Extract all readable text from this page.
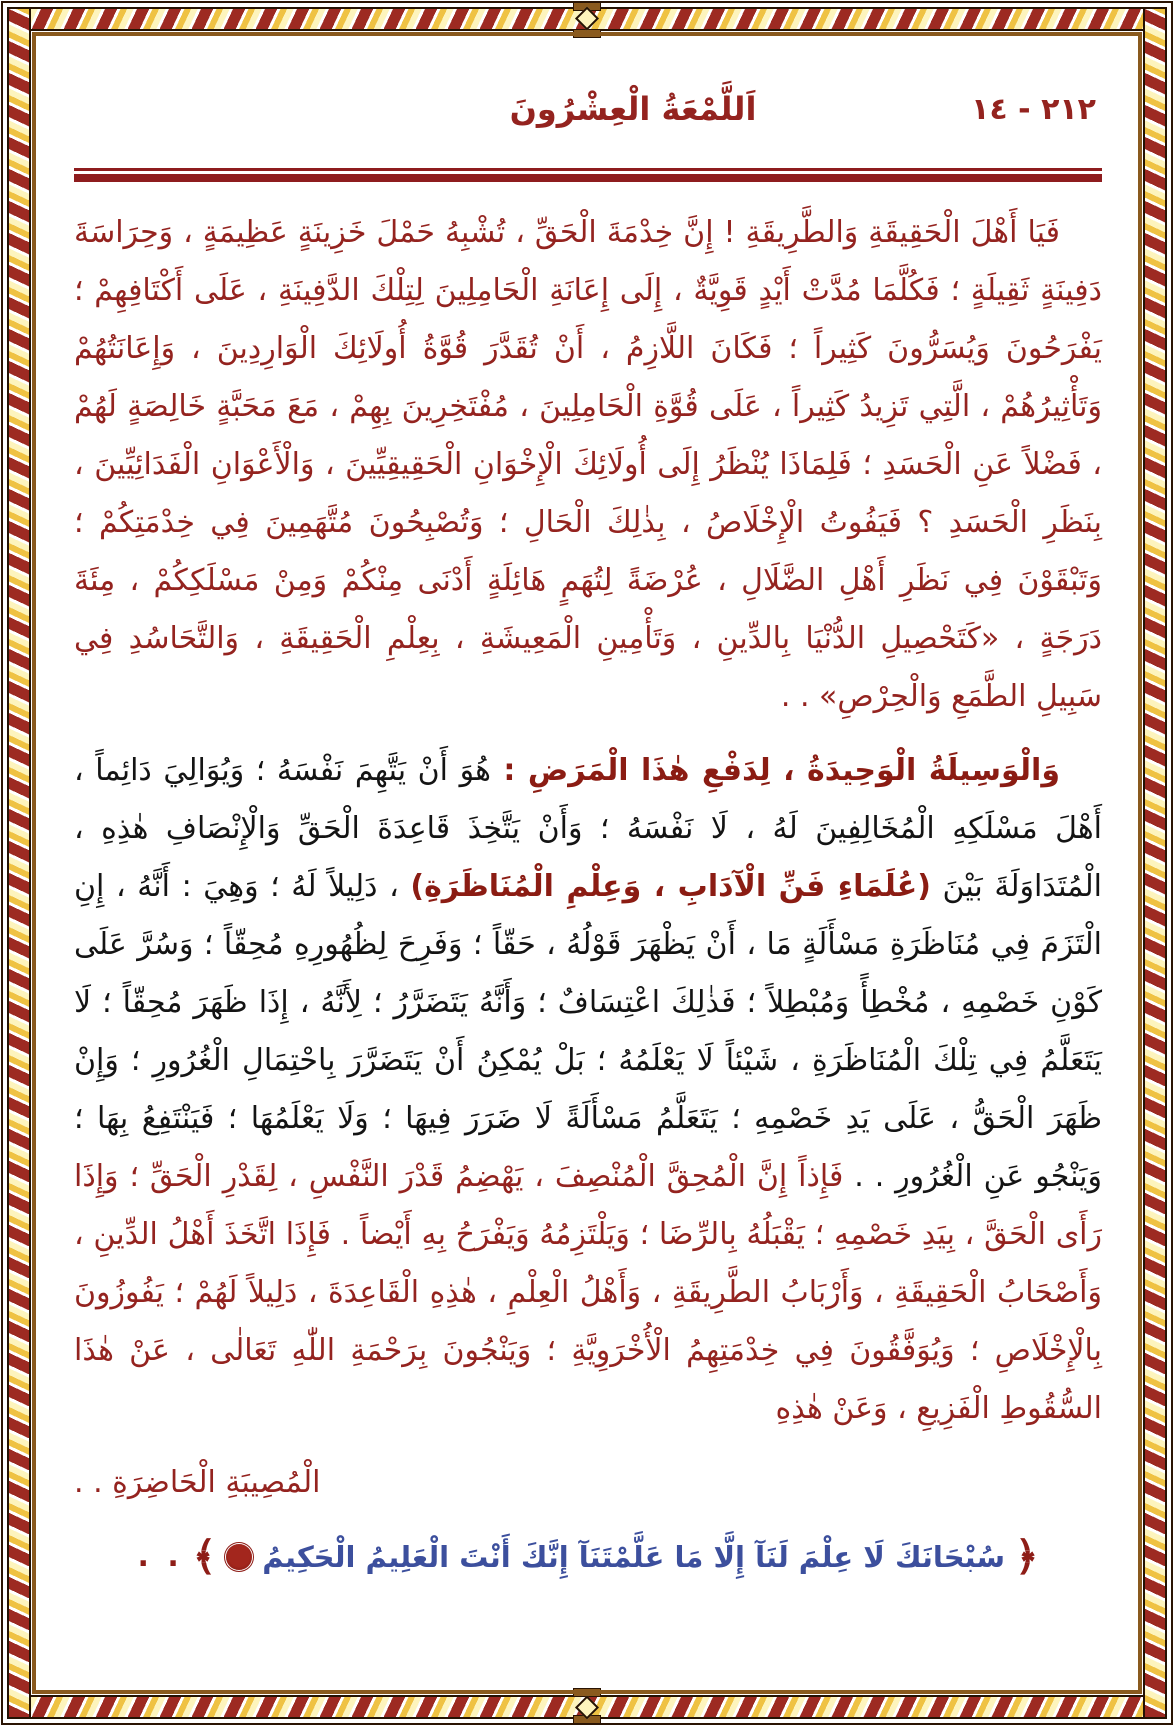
اَللَّمْعَةُ الْعِشْرُونَ	٢١٢ - ١٤

فَيَا أَهْلَ الْحَقِيقَةِ وَالطَّرِيقَةِ ! إِنَّ خِدْمَةَ الْحَقِّ ، تُشْبِهُ حَمْلَ خَزِينَةٍ عَظِيمَةٍ ، وَحِرَاسَةَ دَفِينَةٍ ثَقِيلَةٍ ؛ فَكُلَّمَا مُدَّتْ أَيْدٍ قَوِيَّةٌ ، إِلَى إِعَانَةِ الْحَامِلِينَ لِتِلْكَ الدَّفِينَةِ ، عَلَى أَكْتَافِهِمْ ؛ يَفْرَحُونَ وَيُسَرُّونَ كَثِيراً ؛ فَكَانَ اللَّازِمُ ، أَنْ تُقَدَّرَ قُوَّةُ أُولَائِكَ الْوَارِدِينَ ، وَإِعَانَتُهُمْ وَتَأْثِيرُهُمْ ، الَّتِي تَزِيدُ كَثِيراً ، عَلَى قُوَّةِ الْحَامِلِينَ ، مُفْتَخِرِينَ بِهِمْ ، مَعَ مَحَبَّةٍ خَالِصَةٍ لَهُمْ ، فَضْلاً عَنِ الْحَسَدِ ؛ فَلِمَاذَا يُنْظَرُ إِلَى أُولَائِكَ الْإِخْوَانِ الْحَقِيقِيِّينَ ، وَالْأَعْوَانِ الْفَدَائِيِّينَ ، بِنَظَرِ الْحَسَدِ ؟ فَيَفُوتُ الْإِخْلَاصُ ، بِذٰلِكَ الْحَالِ ؛ وَتُصْبِحُونَ مُتَّهَمِينَ فِي خِدْمَتِكُمْ ؛ وَتَبْقَوْنَ فِي نَظَرِ أَهْلِ الضَّلَالِ ، عُرْضَةً لِتُهَمٍ هَائِلَةٍ أَدْنَى مِنْكُمْ وَمِنْ مَسْلَكِكُمْ ، مِئَةَ دَرَجَةٍ ، «كَتَحْصِيلِ الدُّنْيَا بِالدِّينِ ، وَتَأْمِينِ الْمَعِيشَةِ ، بِعِلْمِ الْحَقِيقَةِ ، وَالتَّحَاسُدِ فِي سَبِيلِ الطَّمَعِ وَالْحِرْصِ» . .

وَالْوَسِيلَةُ الْوَحِيدَةُ ، لِدَفْعِ هٰذَا الْمَرَضِ : هُوَ أَنْ يَتَّهِمَ نَفْسَهُ ؛ وَيُوَالِيَ دَائِماً ، أَهْلَ مَسْلَكِهِ الْمُخَالِفِينَ لَهُ ، لَا نَفْسَهُ ؛ وَأَنْ يَتَّخِذَ قَاعِدَةَ الْحَقِّ وَالْإِنْصَافِ هٰذِهِ ، الْمُتَدَاوَلَةَ بَيْنَ (عُلَمَاءِ فَنِّ الْآدَابِ ، وَعِلْمِ الْمُنَاظَرَةِ) ، دَلِيلاً لَهُ ؛ وَهِيَ : أَنَّهُ ، إِنِ الْتَزَمَ فِي مُنَاظَرَةِ مَسْأَلَةٍ مَا ، أَنْ يَظْهَرَ قَوْلُهُ ، حَقّاً ؛ وَفَرِحَ لِظُهُورِهِ مُحِقّاً ؛ وَسُرَّ عَلَى كَوْنِ خَصْمِهِ ، مُخْطِأً وَمُبْطِلاً ؛ فَذٰلِكَ اعْتِسَافٌ ؛ وَأَنَّهُ يَتَضَرَّرُ ؛ لِأَنَّهُ ، إِذَا ظَهَرَ مُحِقّاً ؛ لَا يَتَعَلَّمُ فِي تِلْكَ الْمُنَاظَرَةِ ، شَيْئاً لَا يَعْلَمُهُ ؛ بَلْ يُمْكِنُ أَنْ يَتَضَرَّرَ بِاحْتِمَالِ الْغُرُورِ ؛ وَإِنْ ظَهَرَ الْحَقُّ ، عَلَى يَدِ خَصْمِهِ ؛ يَتَعَلَّمُ مَسْأَلَةً لَا ضَرَرَ فِيهَا ؛ وَلَا يَعْلَمُهَا ؛ فَيَنْتَفِعُ بِهَا ؛ وَيَنْجُو عَنِ الْغُرُورِ . . فَإِذاً إِنَّ الْمُحِقَّ الْمُنْصِفَ ، يَهْضِمُ قَدْرَ النَّفْسِ ، لِقَدْرِ الْحَقِّ ؛ وَإِذَا رَأَى الْحَقَّ ، بِيَدِ خَصْمِهِ ؛ يَقْبَلُهُ بِالرِّضَا ؛ وَيَلْتَزِمُهُ وَيَفْرَحُ بِهِ أَيْضاً . فَإِذَا اتَّخَذَ أَهْلُ الدِّينِ ، وَأَصْحَابُ الْحَقِيقَةِ ، وَأَرْبَابُ الطَّرِيقَةِ ، وَأَهْلُ الْعِلْمِ ، هٰذِهِ الْقَاعِدَةَ ، دَلِيلاً لَهُمْ ؛ يَفُوزُونَ بِالْإِخْلَاصِ ؛ وَيُوَفَّقُونَ فِي خِدْمَتِهِمُ الْأُخْرَوِيَّةِ ؛ وَيَنْجُونَ بِرَحْمَةِ اللّٰهِ تَعَالٰى ، عَنْ هٰذَا السُّقُوطِ الْفَزِيعِ ، وَعَنْ هٰذِهِ

الْمُصِيبَةِ الْحَاضِرَةِ . .

﴿
سُبْحَانَكَ لَا عِلْمَ لَنَآ إِلَّا مَا عَلَّمْتَنَآ إِنَّكَ أَنْتَ الْعَلِيمُ الْحَكِيمُ
﴾
. .
